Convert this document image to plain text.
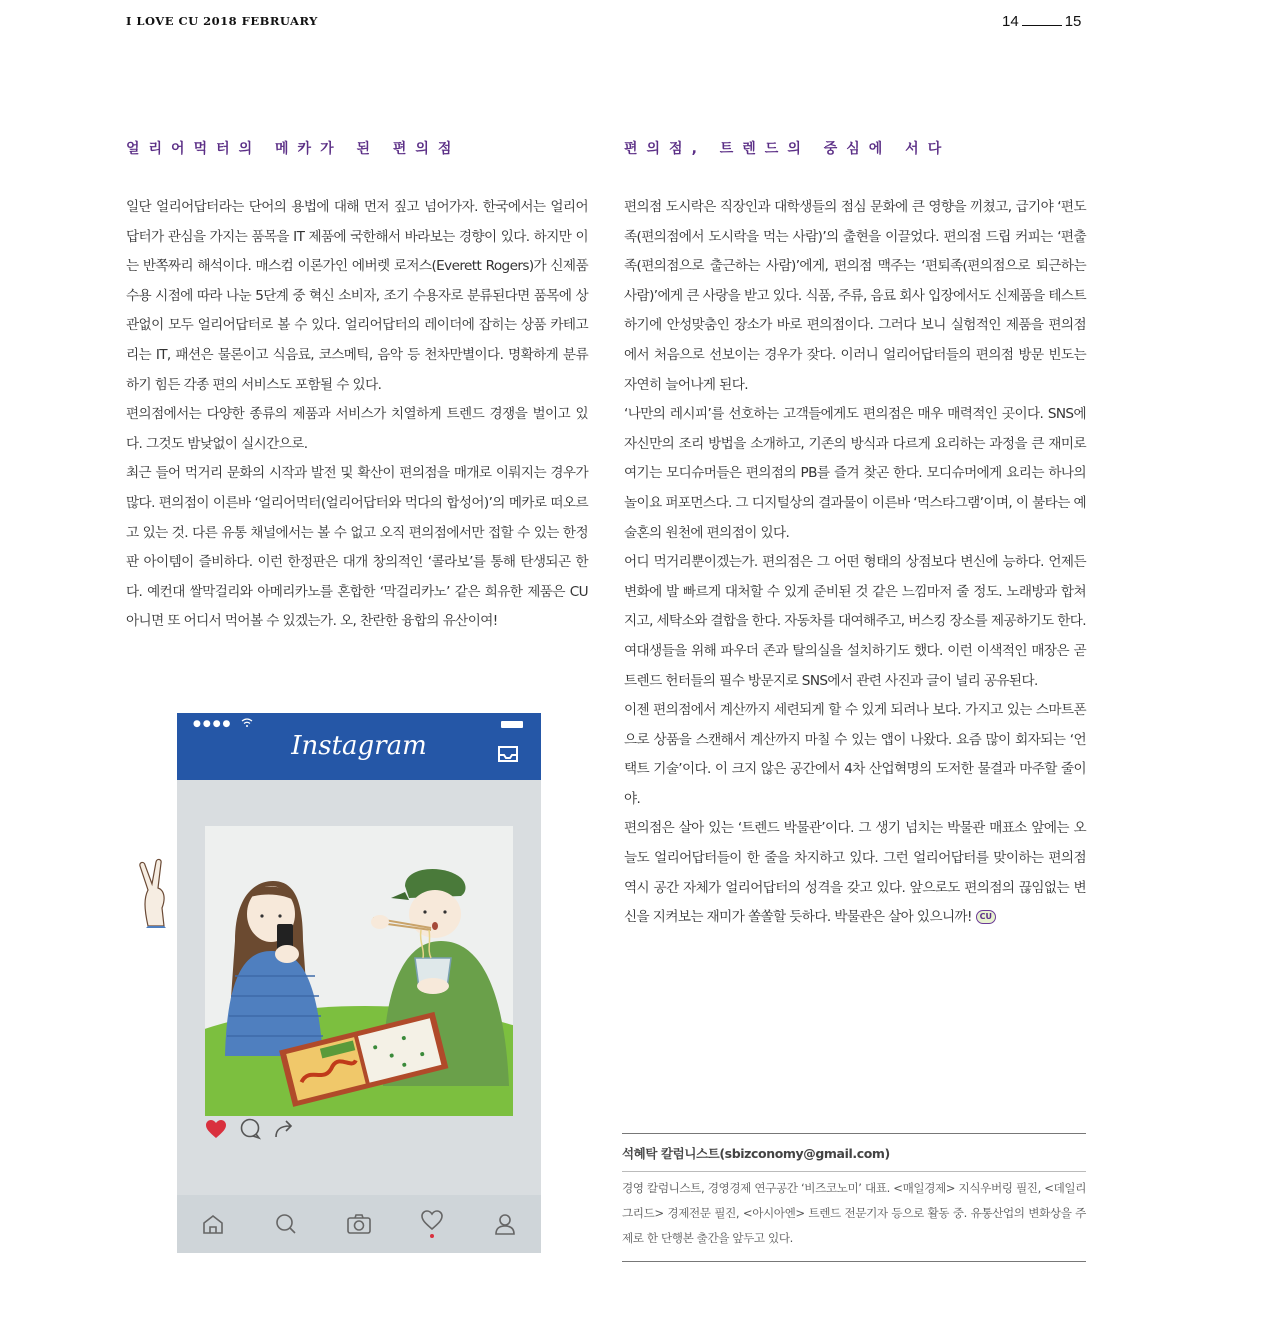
I LOVE CU 2018 FEBRUARY	14	15
얼리어먹터의 메카가 된 편의점	편의점, 트렌드의 중심에 서다

일단 얼리어답터라는 단어의 용법에 대해 먼저 짚고 넘어가자. 한국에서는 얼리어답터가 관심을 가지는 품목을 IT 제품에 국한해서 바라보는 경향이 있다. 하지만 이는 반쪽짜리 해석이다. 매스컴 이론가인 에버렛 로저스(Everett Rogers)가 신제품 수용 시점에 따라 나눈 5단계 중 혁신 소비자, 조기 수용자로 분류된다면 품목에 상관없이 모두 얼리어답터로 볼 수 있다. 얼리어답터의 레이더에 잡히는 상품 카테고리는 IT, 패션은 물론이고 식음료, 코스메틱, 음악 등 천차만별이다. 명확하게 분류하기 힘든 각종 편의 서비스도 포함될 수 있다.

편의점에서는 다양한 종류의 제품과 서비스가 치열하게 트렌드 경쟁을 벌이고 있다. 그것도 밤낮없이 실시간으로.

최근 들어 먹거리 문화의 시작과 발전 및 확산이 편의점을 매개로 이뤄지는 경우가 많다. 편의점이 이른바 ‘얼리어먹터(얼리어답터와 먹다의 합성어)’의 메카로 떠오르고 있는 것. 다른 유통 채널에서는 볼 수 없고 오직 편의점에서만 접할 수 있는 한정판 아이템이 즐비하다. 이런 한정판은 대개 창의적인 ‘콜라보’를 통해 탄생되곤 한다. 예컨대 쌀막걸리와 아메리카노를 혼합한 ‘막걸리카노’ 같은 희유한 제품은 CU 아니면 또 어디서 먹어볼 수 있겠는가. 오, 찬란한 융합의 유산이여!

편의점 도시락은 직장인과 대학생들의 점심 문화에 큰 영향을 끼쳤고, 급기야 ‘편도족(편의점에서 도시락을 먹는 사람)’의 출현을 이끌었다. 편의점 드립 커피는 ‘편출족(편의점으로 출근하는 사람)’에게, 편의점 맥주는 ‘편퇴족(편의점으로 퇴근하는 사람)’에게 큰 사랑을 받고 있다. 식품, 주류, 음료 회사 입장에서도 신제품을 테스트하기에 안성맞춤인 장소가 바로 편의점이다. 그러다 보니 실험적인 제품을 편의점에서 처음으로 선보이는 경우가 잦다. 이러니 얼리어답터들의 편의점 방문 빈도는 자연히 늘어나게 된다.

‘나만의 레시피’를 선호하는 고객들에게도 편의점은 매우 매력적인 곳이다. SNS에 자신만의 조리 방법을 소개하고, 기존의 방식과 다르게 요리하는 과정을 큰 재미로 여기는 모디슈머들은 편의점의 PB를 즐겨 찾곤 한다. 모디슈머에게 요리는 하나의 놀이요 퍼포먼스다. 그 디지털상의 결과물이 이른바 ‘먹스타그램’이며, 이 불타는 예술혼의 원천에 편의점이 있다.

어디 먹거리뿐이겠는가. 편의점은 그 어떤 형태의 상점보다 변신에 능하다. 언제든 변화에 발 빠르게 대처할 수 있게 준비된 것 같은 느낌마저 줄 정도. 노래방과 합쳐지고, 세탁소와 결합을 한다. 자동차를 대여해주고, 버스킹 장소를 제공하기도 한다. 여대생들을 위해 파우더 존과 탈의실을 설치하기도 했다. 이런 이색적인 매장은 곧 트렌드 헌터들의 필수 방문지로 SNS에서 관련 사진과 글이 널리 공유된다.

이젠 편의점에서 계산까지 세련되게 할 수 있게 되려나 보다. 가지고 있는 스마트폰으로 상품을 스캔해서 계산까지 마칠 수 있는 앱이 나왔다. 요즘 많이 회자되는 ‘언택트 기술’이다. 이 크지 않은 공간에서 4차 산업혁명의 도저한 물결과 마주할 줄이야.

편의점은 살아 있는 ‘트렌드 박물관’이다. 그 생기 넘치는 박물관 매표소 앞에는 오늘도 얼리어답터들이 한 줄을 차지하고 있다. 그런 얼리어답터를 맞이하는 편의점 역시 공간 자체가 얼리어답터의 성격을 갖고 있다. 앞으로도 편의점의 끊임없는 변신을 지켜보는 재미가 쏠쏠할 듯하다. 박물관은 살아 있으니까! CU

●●●●
Instagram
석혜탁 칼럼니스트(sbizconomy@gmail.com)
경영 칼럼니스트, 경영경제 연구공간 ‘비즈코노미’ 대표. <매일경제> 지식우버링 필진, <데일리그리드> 경제전문 필진, <아시아엔> 트렌드 전문기자 등으로 활동 중. 유통산업의 변화상을 주제로 한 단행본 출간을 앞두고 있다.
